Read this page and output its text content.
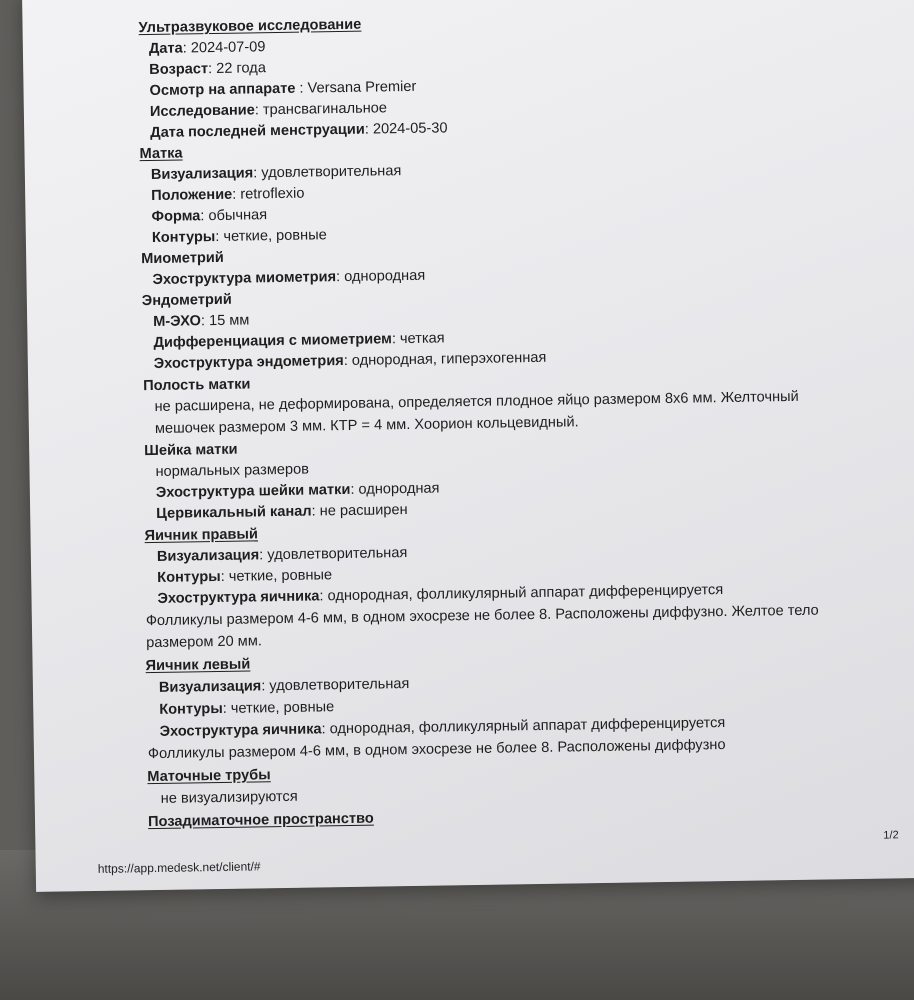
Ультразвуковое исследование
Дата: 2024-07-09
Возраст: 22 года
Осмотр на аппарате : Versana Premier
Исследование: трансвагинальное
Дата последней менструации: 2024-05-30
Матка
Визуализация: удовлетворительная
Положение: retroflexio
Форма: обычная
Контуры: четкие, ровные
Миометрий
Эхоструктура миометрия: однородная
Эндометрий
М-ЭХО: 15 мм
Дифференциация с миометрием: четкая
Эхоструктура эндометрия: однородная, гиперэхогенная
Полость матки
не расширена, не деформирована, определяется плодное яйцо размером 8х6 мм. Желточный
мешочек размером 3 мм. КТР = 4 мм. Хоорион кольцевидный.
Шейка матки
нормальных размеров
Эхоструктура шейки матки: однородная
Цервикальный канал: не расширен
Яичник правый
Визуализация: удовлетворительная
Контуры: четкие, ровные
Эхоструктура яичника: однородная, фолликулярный аппарат дифференцируется
Фолликулы размером 4-6 мм, в одном эхосрезе не более 8. Расположены диффузно. Желтое тело
размером 20 мм.
Яичник левый
Визуализация: удовлетворительная
Контуры: четкие, ровные
Эхоструктура яичника: однородная, фолликулярный аппарат дифференцируется
Фолликулы размером 4-6 мм, в одном эхосрезе не более 8. Расположены диффузно
Маточные трубы
не визуализируются
Позадиматочное пространство
https://app.medesk.net/client/#
1/2
